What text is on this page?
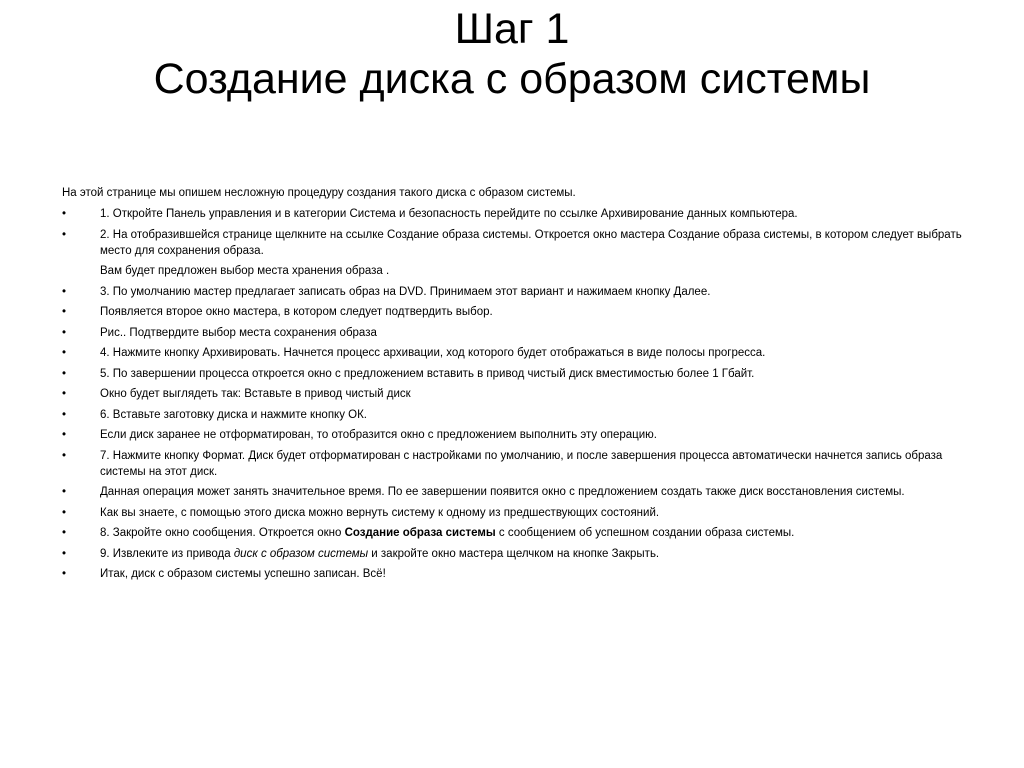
Шаг 1
Создание диска с образом системы
На этой странице мы опишем несложную процедуру создания такого диска с образом системы.
•	1. Откройте Панель управления и в категории Система и безопасность перейдите по ссылке Архивирование данных компьютера.
•	2. На отобразившейся странице щелкните на ссылке Создание образа системы. Откроется окно мастера Создание образа системы, в котором следует выбрать место для сохранения образа.
Вам будет предложен выбор места хранения образа .
•	3. По умолчанию мастер предлагает записать образ на DVD. Принимаем этот вариант и нажимаем кнопку Далее.
•	Появляется второе окно мастера, в котором следует подтвердить выбор.
•	Рис.. Подтвердите выбор места сохранения образа
•	4. Нажмите кнопку Архивировать. Начнется процесс архивации, ход которого будет отображаться в виде полосы прогресса.
•	5. По завершении процесса откроется окно с предложением вставить в привод чистый диск вместимостью более 1 Гбайт.
•	Окно будет выглядеть так: Вставьте в привод чистый диск
•	6. Вставьте заготовку диска и нажмите кнопку ОК.
•	Если диск заранее не отформатирован, то отобразится окно с предложением выполнить эту операцию.
•	7. Нажмите кнопку Формат. Диск будет отформатирован с настройками по умолчанию, и после завершения процесса автоматически начнется запись образа системы на этот диск.
•	Данная операция может занять значительное время. По ее завершении появится окно с предложением создать также диск восстановления системы.
•	Как вы знаете, с помощью этого диска можно вернуть систему к одному из предшествующих состояний.
•	8. Закройте окно сообщения. Откроется окно Создание образа системы с сообщением об успешном создании образа системы.
•	9. Извлеките из привода диск с образом системы и закройте окно мастера щелчком на кнопке Закрыть.
•	Итак, диск с образом системы успешно записан. Всё!
